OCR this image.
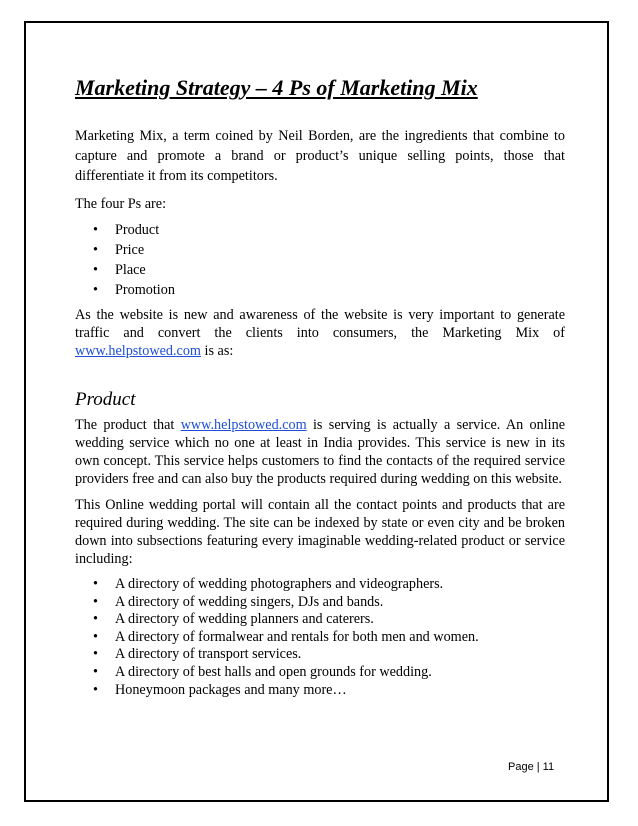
Marketing Strategy – 4 Ps of Marketing Mix

Marketing Mix, a term coined by Neil Borden, are the ingredients that combine to capture and promote a brand or product’s unique selling points, those that differentiate it from its competitors.

The four Ps are:

• Product
• Price
• Place
• Promotion

As the website is new and awareness of the website is very important to generate traffic and convert the clients into consumers, the Marketing Mix of www.helpstowed.com is as:

Product

The product that www.helpstowed.com is serving is actually a service. An online wedding service which no one at least in India provides. This service is new in its own concept. This service helps customers to find the contacts of the required service providers free and can also buy the products required during wedding on this website.

This Online wedding portal will contain all the contact points and products that are required during wedding. The site can be indexed by state or even city and be broken down into subsections featuring every imaginable wedding-related product or service including:

• A directory of wedding photographers and videographers.
• A directory of wedding singers, DJs and bands.
• A directory of wedding planners and caterers.
• A directory of formalwear and rentals for both men and women.
• A directory of transport services.
• A directory of best halls and open grounds for wedding.
• Honeymoon packages and many more…
Page | 11
